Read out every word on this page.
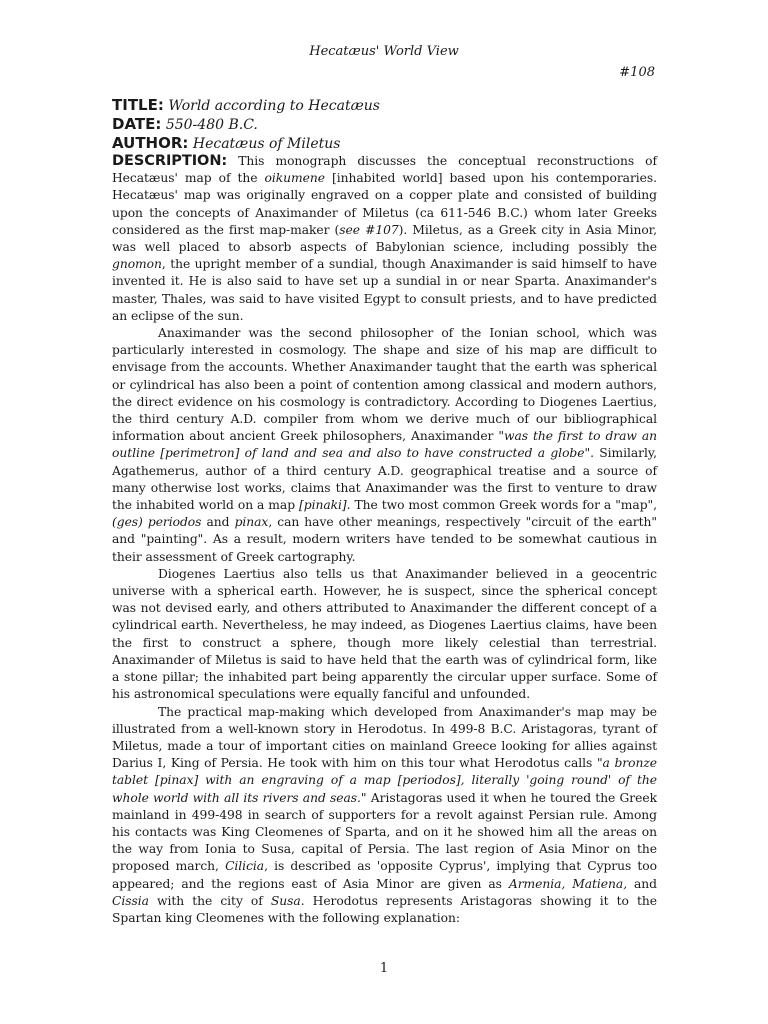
Hecatæus' World View
#108
TITLE: World according to Hecatæus
DATE: 550-480 B.C.
AUTHOR: Hecatæus of Miletus

DESCRIPTION: This monograph discusses the conceptual reconstructions of Hecatæus' map of the oikumene [inhabited world] based upon his contemporaries. Hecatæus' map was originally engraved on a copper plate and consisted of building upon the concepts of Anaximander of Miletus (ca 611-546 B.C.) whom later Greeks considered as the first map-maker (see #107). Miletus, as a Greek city in Asia Minor, was well placed to absorb aspects of Babylonian science, including possibly the gnomon, the upright member of a sundial, though Anaximander is said himself to have invented it. He is also said to have set up a sundial in or near Sparta. Anaximander's master, Thales, was said to have visited Egypt to consult priests, and to have predicted an eclipse of the sun.

Anaximander was the second philosopher of the Ionian school, which was particularly interested in cosmology. The shape and size of his map are difficult to envisage from the accounts. Whether Anaximander taught that the earth was spherical or cylindrical has also been a point of contention among classical and modern authors, the direct evidence on his cosmology is contradictory. According to Diogenes Laertius, the third century A.D. compiler from whom we derive much of our bibliographical information about ancient Greek philosophers, Anaximander "was the first to draw an outline [perimetron] of land and sea and also to have constructed a globe". Similarly, Agathemerus, author of a third century A.D. geographical treatise and a source of many otherwise lost works, claims that Anaximander was the first to venture to draw the inhabited world on a map [pinaki]. The two most common Greek words for a "map", (ges) periodos and pinax, can have other meanings, respectively "circuit of the earth" and "painting". As a result, modern writers have tended to be somewhat cautious in their assessment of Greek cartography.

Diogenes Laertius also tells us that Anaximander believed in a geocentric universe with a spherical earth. However, he is suspect, since the spherical concept was not devised early, and others attributed to Anaximander the different concept of a cylindrical earth. Nevertheless, he may indeed, as Diogenes Laertius claims, have been the first to construct a sphere, though more likely celestial than terrestrial. Anaximander of Miletus is said to have held that the earth was of cylindrical form, like a stone pillar; the inhabited part being apparently the circular upper surface. Some of his astronomical speculations were equally fanciful and unfounded.

The practical map-making which developed from Anaximander's map may be illustrated from a well-known story in Herodotus. In 499-8 B.C. Aristagoras, tyrant of Miletus, made a tour of important cities on mainland Greece looking for allies against Darius I, King of Persia. He took with him on this tour what Herodotus calls "a bronze tablet [pinax] with an engraving of a map [periodos], literally 'going round' of the whole world with all its rivers and seas." Aristagoras used it when he toured the Greek mainland in 499-498 in search of supporters for a revolt against Persian rule. Among his contacts was King Cleomenes of Sparta, and on it he showed him all the areas on the way from Ionia to Susa, capital of Persia. The last region of Asia Minor on the proposed march, Cilicia, is described as 'opposite Cyprus', implying that Cyprus too appeared; and the regions east of Asia Minor are given as Armenia, Matiena, and Cissia with the city of Susa. Herodotus represents Aristagoras showing it to the Spartan king Cleomenes with the following explanation:

1
